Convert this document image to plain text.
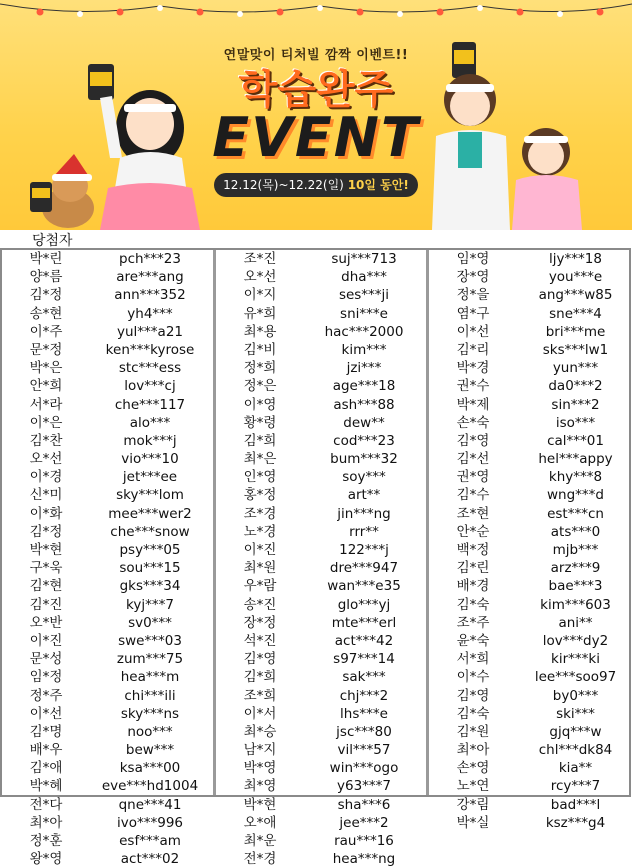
연말맞이 티처빌 깜짝 이벤트!!
학습완주
EVENT
12.12(목)~12.22(일) 10일 동안!
당첨자
박*린	pch***23
양*름	are***ang
김*정	ann***352
송*현	yh4***
이*주	yul***a21
문*정	ken***kyrose
박*은	stc***ess
안*희	lov***cj
서*라	che***117
이*은	alo***
김*찬	mok***j
오*선	vio***10
이*경	jet***ee
신*미	sky***lom
이*화	mee***wer2
김*정	che***snow
박*현	psy***05
구*욱	sou***15
김*현	gks***34
김*진	kyj***7
오*반	sv0***
이*진	swe***03
문*성	zum***75
임*정	hea***m
정*주	chi***ili
이*선	sky***ns
김*명	noo***
배*우	bew***
김*애	ksa***00
박*혜	eve***hd1004
전*다	qne***41
최*아	ivo***996
정*훈	esf***am
왕*영	act***02
조*진	suj***713
오*선	dha***
이*지	ses***ji
유*희	sni***e
최*용	hac***2000
김*비	kim***
정*희	jzi***
정*은	age***18
이*영	ash***88
황*령	dew**
김*희	cod***23
최*은	bum***32
인*영	soy***
홍*정	art**
조*경	jin***ng
노*경	rrr**
이*진	122***j
최*원	dre***947
우*람	wan***e35
송*진	glo***yj
장*정	mte***erl
석*진	act***42
김*영	s97***14
김*희	sak***
조*희	chj***2
이*서	lhs***e
최*승	jsc***80
남*지	vil***57
박*영	win***ogo
최*영	y63***7
박*현	sha***6
오*애	jee***2
최*운	rau***16
전*경	hea***ng
임*영	ljy***18
장*영	you***e
정*을	ang***w85
염*구	sne***4
이*선	bri***me
김*리	sks***lw1
박*경	yun***
권*수	da0***2
박*제	sin***2
손*숙	iso***
김*영	cal***01
김*선	hel***appy
권*영	khy***8
김*수	wng***d
조*현	est***cn
안*순	ats***0
백*정	mjb***
김*린	arz***9
배*경	bae***3
김*숙	kim***603
조*주	ani**
윤*숙	lov***dy2
서*희	kir***ki
이*수	lee***soo97
김*영	by0***
김*숙	ski***
김*원	gjq***w
최*아	chl***dk84
손*영	kia**
노*연	rcy***7
강*림	bad***l
박*실	ksz***g4
